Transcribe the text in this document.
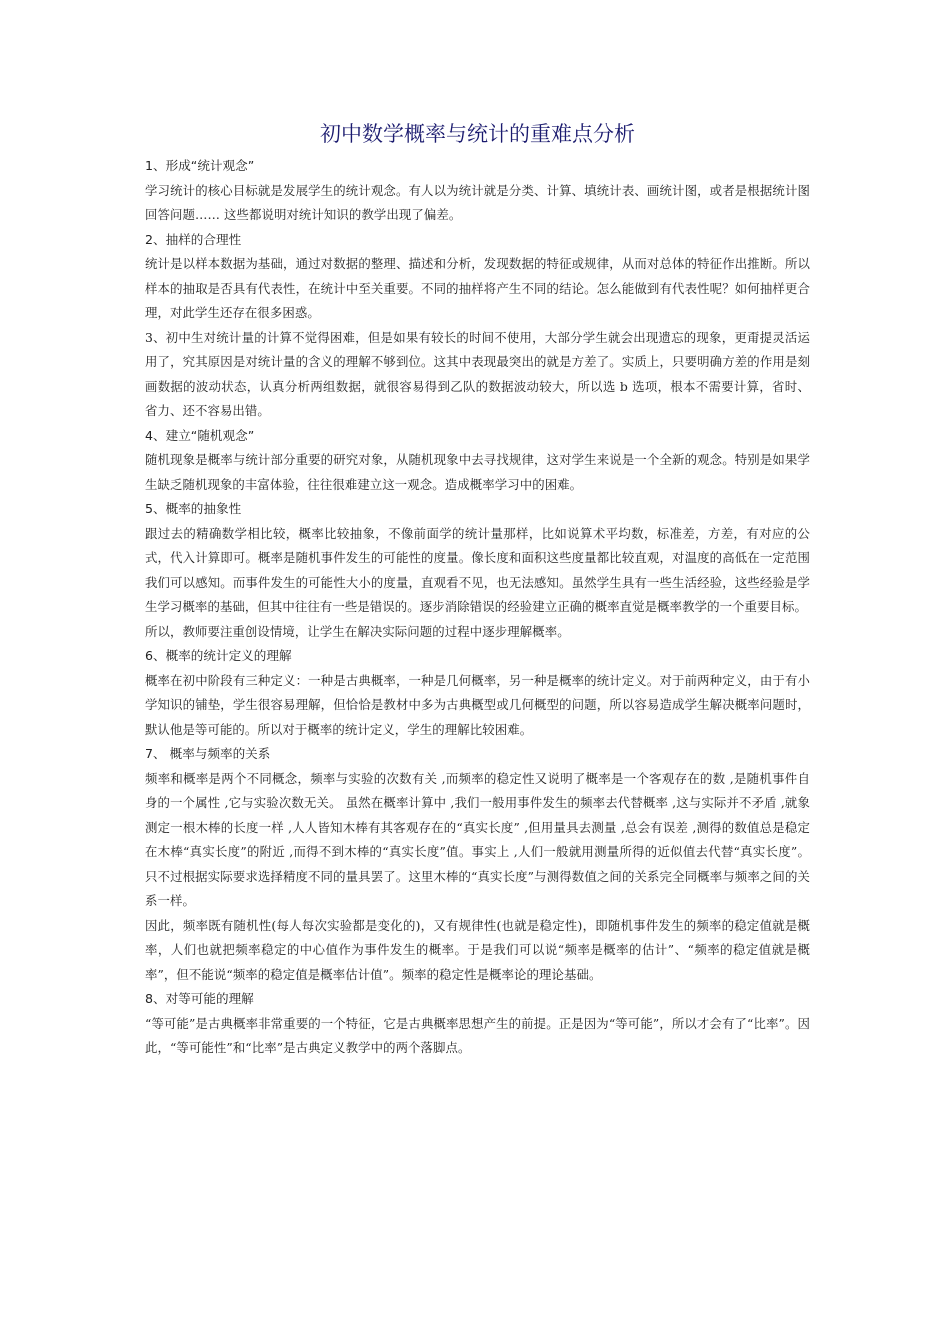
初中数学概率与统计的重难点分析

1、形成“统计观念”

学习统计的核心目标就是发展学生的统计观念。有人以为统计就是分类、计算、填统计表、画统计图，或者是根据统计图回答问题…… 这些都说明对统计知识的教学出现了偏差。

2、抽样的合理性

统计是以样本数据为基础，通过对数据的整理、描述和分析，发现数据的特征或规律，从而对总体的特征作出推断。所以样本的抽取是否具有代表性，在统计中至关重要。不同的抽样将产生不同的结论。怎么能做到有代表性呢？如何抽样更合理，对此学生还存在很多困惑。

3、初中生对统计量的计算不觉得困难，但是如果有较长的时间不使用，大部分学生就会出现遗忘的现象，更甭提灵活运用了，究其原因是对统计量的含义的理解不够到位。这其中表现最突出的就是方差了。实质上，只要明确方差的作用是刻画数据的波动状态，认真分析两组数据，就很容易得到乙队的数据波动较大，所以选 b 选项，根本不需要计算，省时、省力、还不容易出错。

4、建立“随机观念”

随机现象是概率与统计部分重要的研究对象，从随机现象中去寻找规律，这对学生来说是一个全新的观念。特别是如果学生缺乏随机现象的丰富体验，往往很难建立这一观念。造成概率学习中的困难。

5、概率的抽象性

跟过去的精确数学相比较，概率比较抽象，不像前面学的统计量那样，比如说算术平均数，标准差，方差，有对应的公式，代入计算即可。概率是随机事件发生的可能性的度量。像长度和面积这些度量都比较直观，对温度的高低在一定范围我们可以感知。而事件发生的可能性大小的度量，直观看不见，也无法感知。虽然学生具有一些生活经验，这些经验是学生学习概率的基础，但其中往往有一些是错误的。逐步消除错误的经验建立正确的概率直觉是概率教学的一个重要目标。

所以，教师要注重创设情境，让学生在解决实际问题的过程中逐步理解概率。

6、概率的统计定义的理解

概率在初中阶段有三种定义：一种是古典概率，一种是几何概率，另一种是概率的统计定义。对于前两种定义，由于有小学知识的铺垫，学生很容易理解，但恰恰是教材中多为古典概型或几何概型的问题，所以容易造成学生解决概率问题时，默认他是等可能的。所以对于概率的统计定义，学生的理解比较困难。

7、 概率与频率的关系

频率和概率是两个不同概念，频率与实验的次数有关 ,而频率的稳定性又说明了概率是一个客观存在的数 ,是随机事件自身的一个属性 ,它与实验次数无关。 虽然在概率计算中 ,我们一般用事件发生的频率去代替概率 ,这与实际并不矛盾 ,就象测定一根木棒的长度一样 ,人人皆知木棒有其客观存在的“真实长度” ,但用量具去测量 ,总会有误差 ,测得的数值总是稳定在木棒“真实长度”的附近 ,而得不到木棒的“真实长度”值。事实上 ,人们一般就用测量所得的近似值去代替“真实长度”。只不过根据实际要求选择精度不同的量具罢了。这里木棒的“真实长度”与测得数值之间的关系完全同概率与频率之间的关系一样。

因此，频率既有随机性(每人每次实验都是变化的)，又有规律性(也就是稳定性)，即随机事件发生的频率的稳定值就是概率，人们也就把频率稳定的中心值作为事件发生的概率。于是我们可以说“频率是概率的估计”、“频率的稳定值就是概率”，但不能说“频率的稳定值是概率估计值”。频率的稳定性是概率论的理论基础。

8、对等可能的理解

“等可能”是古典概率非常重要的一个特征，它是古典概率思想产生的前提。正是因为“等可能”，所以才会有了“比率”。因此，“等可能性”和“比率”是古典定义教学中的两个落脚点。
